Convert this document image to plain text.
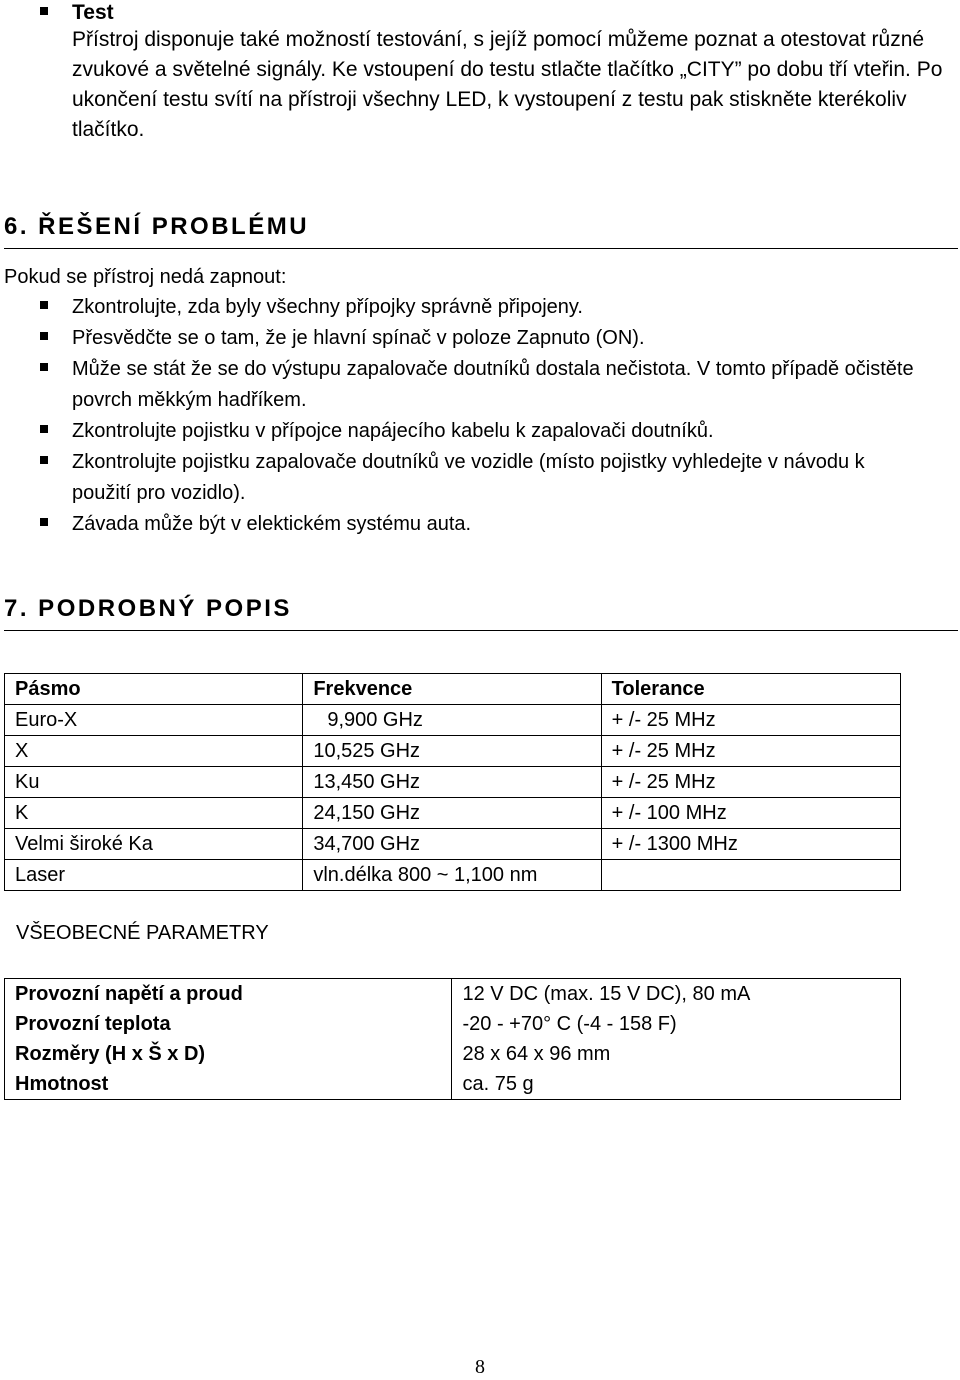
Test
Přístroj disponuje také možností testování, s jejíž pomocí můžeme poznat a otestovat různé zvukové a světelné signály. Ke vstoupení do testu stlačte tlačítko „CITY” po dobu tří vteřin. Po ukončení testu svítí na přístroji všechny LED, k vystoupení z testu pak stiskněte kterékoliv tlačítko.
6. ŘEŠENÍ PROBLÉMU
Pokud se přístroj nedá zapnout:
Zkontrolujte, zda byly všechny přípojky správně připojeny.
Přesvědčte se o tam, že je hlavní spínač v poloze Zapnuto (ON).
Může se stát že se do výstupu zapalovače doutníků dostala nečistota. V tomto případě očistěte povrch měkkým hadříkem.
Zkontrolujte pojistku v přípojce napájecího kabelu k zapalovači doutníků.
Zkontrolujte pojistku zapalovače doutníků ve vozidle (místo pojistky vyhledejte v návodu k použití pro vozidlo).
Závada může být v elektickém systému auta.
7. PODROBNÝ POPIS
Pásmo	Frekvence	Tolerance
Euro-X	9,900 GHz	+ /- 25 MHz
X	10,525 GHz	+ /- 25 MHz
Ku	13,450 GHz	+ /- 25 MHz
K	24,150 GHz	+ /- 100 MHz
Velmi široké Ka	34,700 GHz	+ /- 1300 MHz
Laser	vln.délka 800 ~ 1,100 nm	
VŠEOBECNÉ PARAMETRY
Provozní napětí a proud	12 V DC (max. 15 V DC), 80 mA
Provozní teplota	-20 - +70° C (-4 - 158 F)
Rozměry (H x Š x D)	28 x 64 x 96 mm
Hmotnost	ca. 75 g
8
